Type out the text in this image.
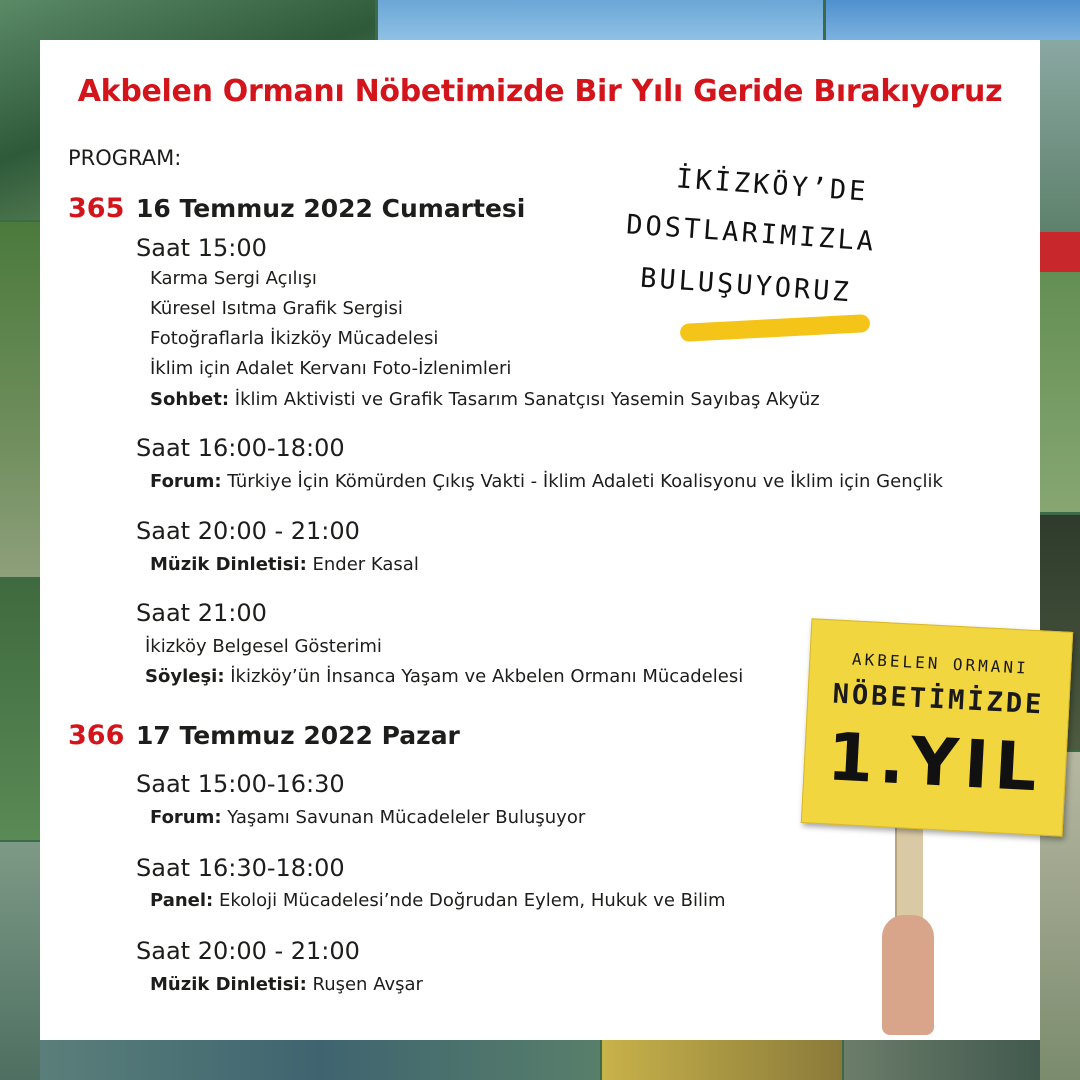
Akbelen Ormanı Nöbetimizde Bir Yılı Geride Bırakıyoruz
PROGRAM:
365 16 Temmuz 2022 Cumartesi
Saat 15:00
Karma Sergi Açılışı
Küresel Isıtma Grafik Sergisi
Fotoğraflarla İkizköy Mücadelesi
İklim için Adalet Kervanı Foto-İzlenimleri
Sohbet: İklim Aktivisti ve Grafik Tasarım Sanatçısı Yasemin Sayıbaş Akyüz
Saat 16:00-18:00
Forum: Türkiye İçin Kömürden Çıkış Vakti - İklim Adaleti Koalisyonu ve İklim için Gençlik
Saat 20:00 - 21:00
Müzik Dinletisi: Ender Kasal
Saat 21:00
İkizköy Belgesel Gösterimi
Söyleşi: İkizköy’ün İnsanca Yaşam ve Akbelen Ormanı Mücadelesi
366 17 Temmuz 2022 Pazar
Saat 15:00-16:30
Forum: Yaşamı Savunan Mücadeleler Buluşuyor
Saat 16:30-18:00
Panel: Ekoloji Mücadelesi’nde Doğrudan Eylem, Hukuk ve Bilim
Saat 20:00 - 21:00
Müzik Dinletisi: Ruşen Avşar
İKİZKÖY’DE
DOSTLARIMIZLA
BULUŞUYORUZ
AKBELEN ORMANI
NÖBETİMİZDE
1.YIL
